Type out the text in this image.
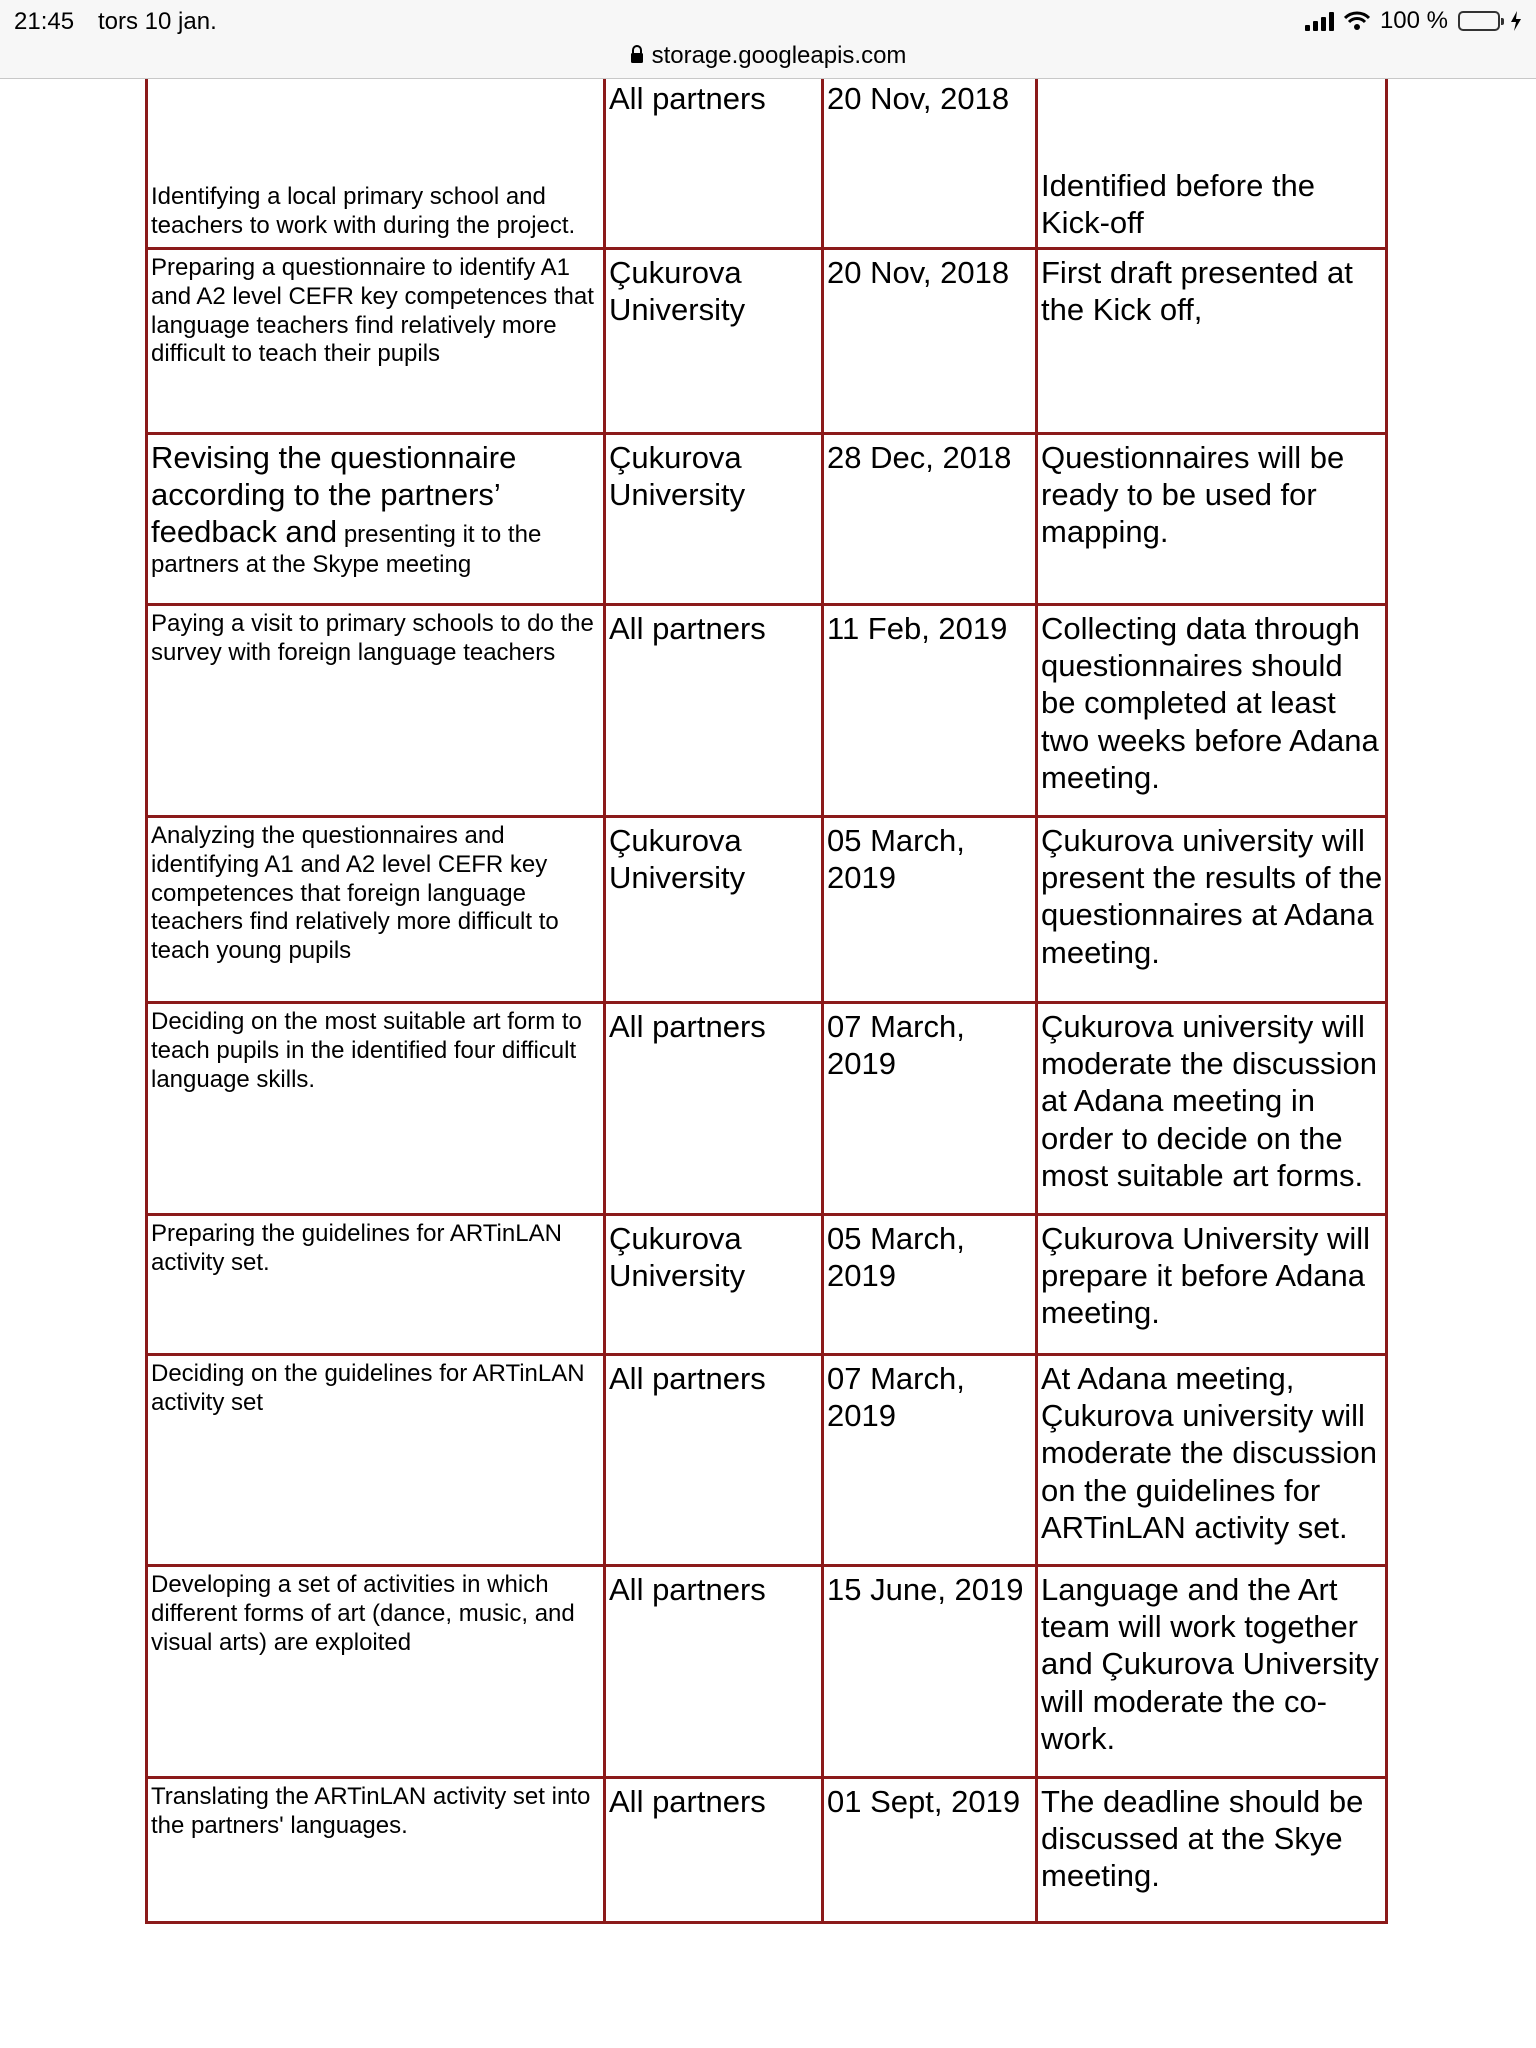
21:45 tors 10 jan.	100 %
storage.googleapis.com
Identifying a local primary school and teachers to work with during the project.	All partners	20 Nov, 2018	Identified before the Kick-off
Preparing a questionnaire to identify A1 and A2 level CEFR key competences that language teachers find relatively more difficult to teach their pupils	Çukurova University	20 Nov, 2018	First draft presented at the Kick off,
Revising the questionnaire according to the partners’ feedback and presenting it to the partners at the Skype meeting	Çukurova University	28 Dec, 2018	Questionnaires will be ready to be used for mapping.
Paying a visit to primary schools to do the survey with foreign language teachers	All partners	11 Feb, 2019	Collecting data through questionnaires should be completed at least two weeks before Adana meeting.
Analyzing the questionnaires and identifying A1 and A2 level CEFR key competences that foreign language teachers find relatively more difficult to teach young pupils	Çukurova University	05 March, 2019	Çukurova university will present the results of the questionnaires at Adana meeting.
Deciding on the most suitable art form to teach pupils in the identified four difficult language skills.	All partners	07 March, 2019	Çukurova university will moderate the discussion at Adana meeting in order to decide on the most suitable art forms.
Preparing the guidelines for ARTinLAN activity set.	Çukurova University	05 March, 2019	Çukurova University will prepare it before Adana meeting.
Deciding on the guidelines for ARTinLAN activity set	All partners	07 March, 2019	At Adana meeting, Çukurova university will moderate the discussion on the guidelines for ARTinLAN activity set.
Developing a set of activities in which different forms of art (dance, music, and visual arts) are exploited	All partners	15 June, 2019	Language and the Art team will work together and Çukurova University will moderate the co-work.
Translating the ARTinLAN activity set into the partners' languages.	All partners	01 Sept, 2019	The deadline should be discussed at the Skye meeting.
